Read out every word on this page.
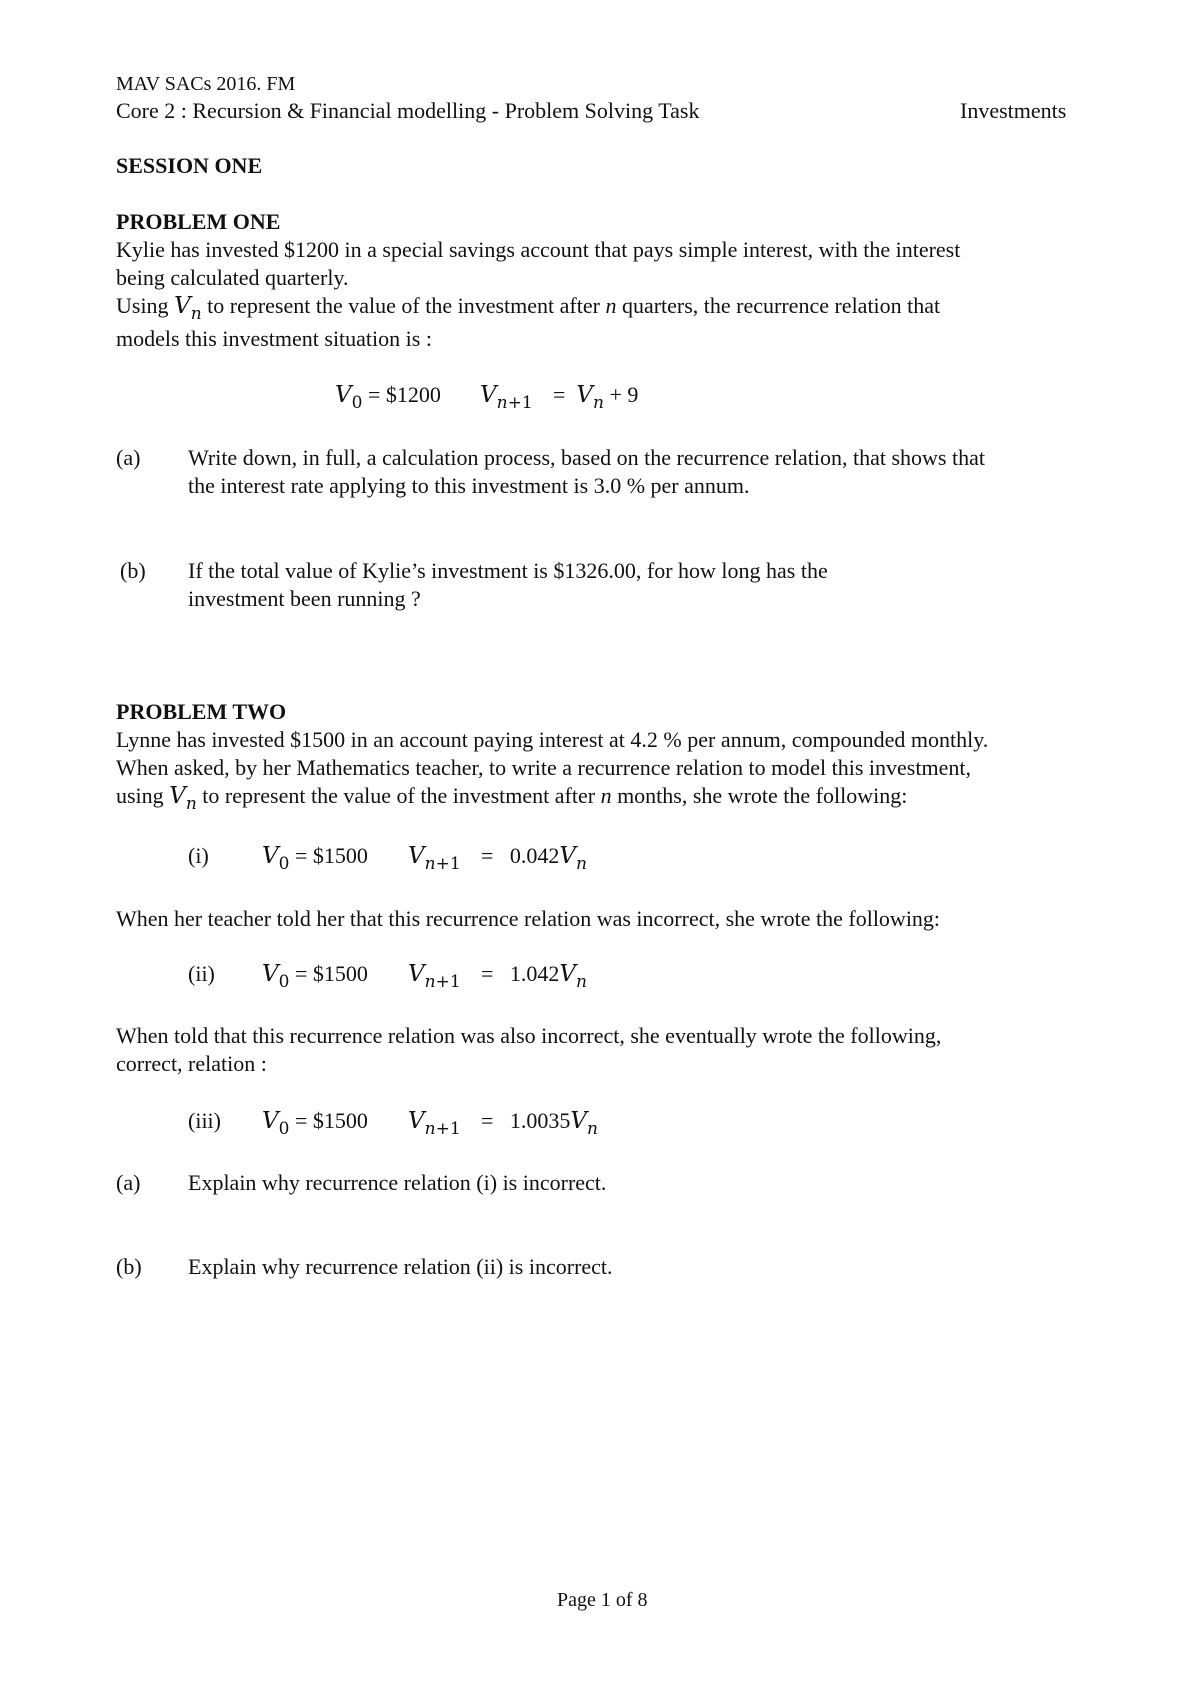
MAV SACs 2016. FM
Core 2 : Recursion & Financial modelling - Problem Solving Task	Investments
SESSION ONE
PROBLEM ONE
Kylie has invested $1200 in a special savings account that pays simple interest, with the interest
being calculated quarterly.
Using $V_n$ to represent the value of the investment after n quarters, the recurrence relation that
models this investment situation is :
$V_0$ = $1200 $V_{n+1} = V_n + 9$
(a) Write down, in full, a calculation process, based on the recurrence relation, that shows that
the interest rate applying to this investment is 3.0 % per annum.
(b) If the total value of Kylie’s investment is $1326.00, for how long has the
investment been running ?
PROBLEM TWO
Lynne has invested $1500 in an account paying interest at 4.2 % per annum, compounded monthly.
When asked, by her Mathematics teacher, to write a recurrence relation to model this investment,
using $V_n$ to represent the value of the investment after n months, she wrote the following:
(i) $V_0$ = $1500 $V_{n+1} = 0.042V_n$
When her teacher told her that this recurrence relation was incorrect, she wrote the following:
(ii) $V_0$ = $1500 $V_{n+1} = 1.042V_n$
When told that this recurrence relation was also incorrect, she eventually wrote the following,
correct, relation :
(iii) $V_0$ = $1500 $V_{n+1} = 1.0035V_n$
(a) Explain why recurrence relation (i) is incorrect.
(b) Explain why recurrence relation (ii) is incorrect.
Page 1 of 8
